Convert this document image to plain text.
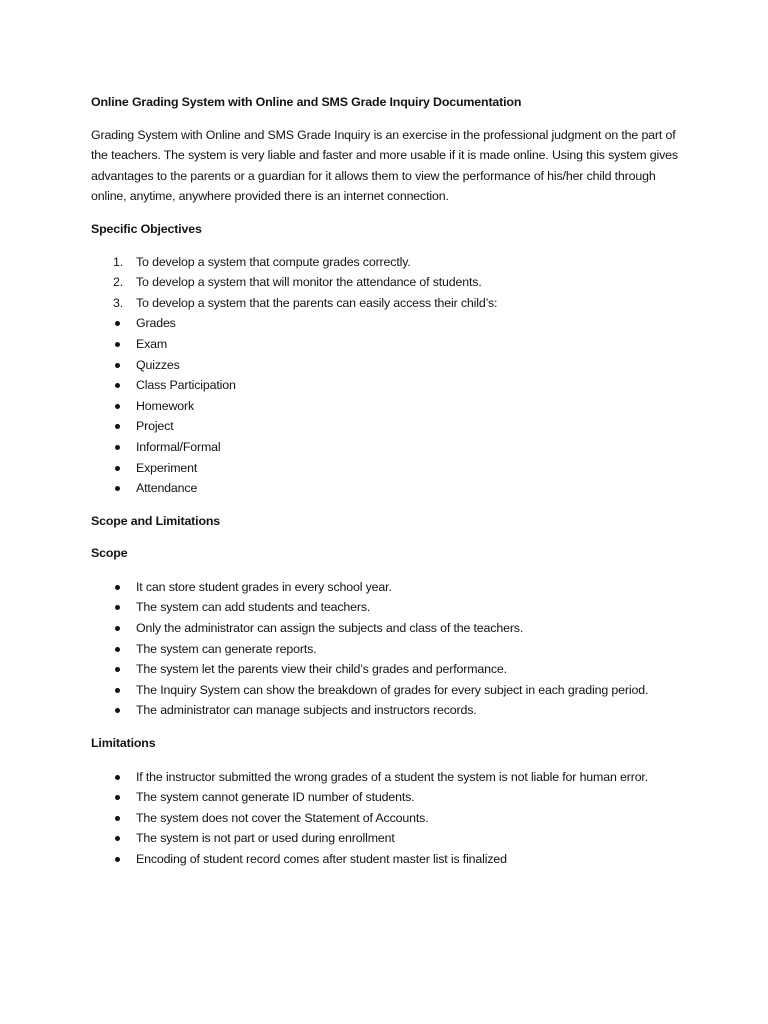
Online Grading System with Online and SMS Grade Inquiry Documentation

Grading System with Online and SMS Grade Inquiry is an exercise in the professional judgment on the part of the teachers. The system is very liable and faster and more usable if it is made online. Using this system gives advantages to the parents or a guardian for it allows them to view the performance of his/her child through online, anytime, anywhere provided there is an internet connection.

Specific Objectives

1. To develop a system that compute grades correctly.
2. To develop a system that will monitor the attendance of students.
3. To develop a system that the parents can easily access their child’s:
Grades
Exam
Quizzes
Class Participation
Homework
Project
Informal/Formal
Experiment
Attendance

Scope and Limitations

Scope

It can store student grades in every school year.
The system can add students and teachers.
Only the administrator can assign the subjects and class of the teachers.
The system can generate reports.
The system let the parents view their child’s grades and performance.
The Inquiry System can show the breakdown of grades for every subject in each grading period.
The administrator can manage subjects and instructors records.

Limitations

If the instructor submitted the wrong grades of a student the system is not liable for human error.
The system cannot generate ID number of students.
The system does not cover the Statement of Accounts.
The system is not part or used during enrollment
Encoding of student record comes after student master list is finalized
